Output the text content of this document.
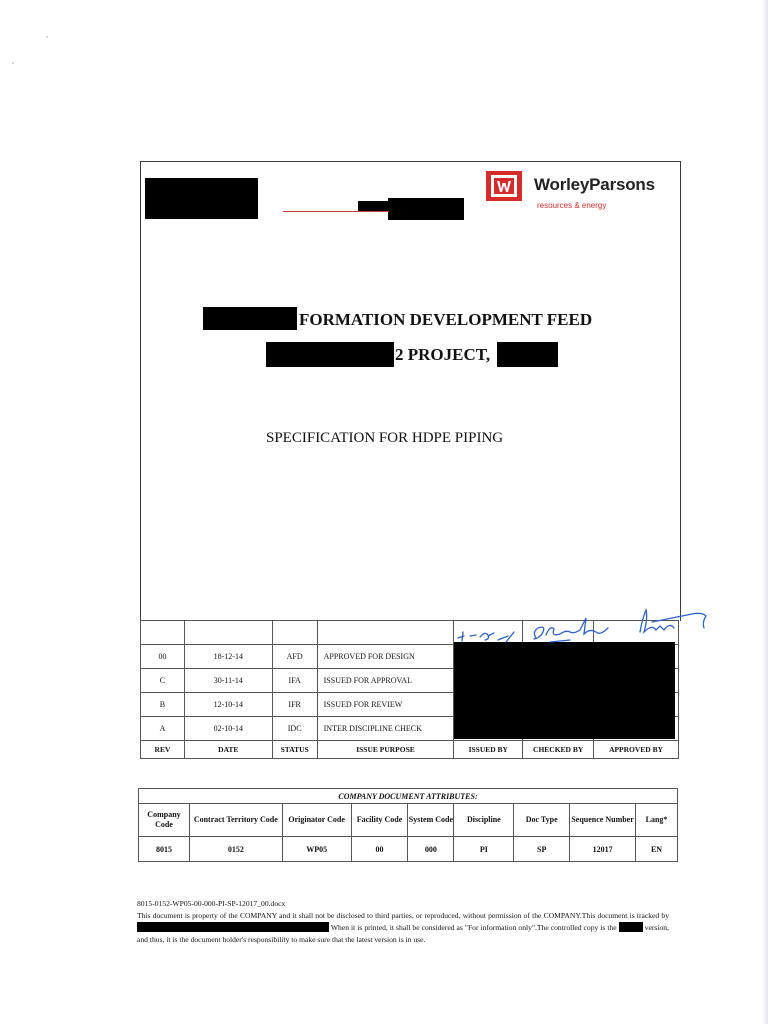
WorleyParsons
resources & energy
FORMATION DEVELOPMENT FEED
2 PROJECT,
SPECIFICATION FOR HDPE PIPING

00	18-12-14	AFD	APPROVED FOR DESIGN			
C	30-11-14	IFA	ISSUED FOR APPROVAL			
B	12-10-14	IFR	ISSUED FOR REVIEW			
A	02-10-14	IDC	INTER DISCIPLINE CHECK			
REV	DATE	STATUS	ISSUE PURPOSE	ISSUED BY	CHECKED BY	APPROVED BY
COMPANY DOCUMENT ATTRIBUTES:								
Company Code	Contract Territory Code	Originator Code	Facility Code	System Code	Discipline	Doc Type	Sequence Number	Lang*
8015	0152	WP05	00	000	PI	SP	12017	EN

8015-0152-WP05-00-000-PI-SP-12017_00.docx

This document is property of the COMPANY and it shall not be disclosed to third parties, or reproduced, without permission of the COMPANY.This document is tracked by  When it is printed, it shall be considered as "For information only".The controlled copy is the	version, and thus, it is the document holder's responsibility to make sure that the latest version is in use.
